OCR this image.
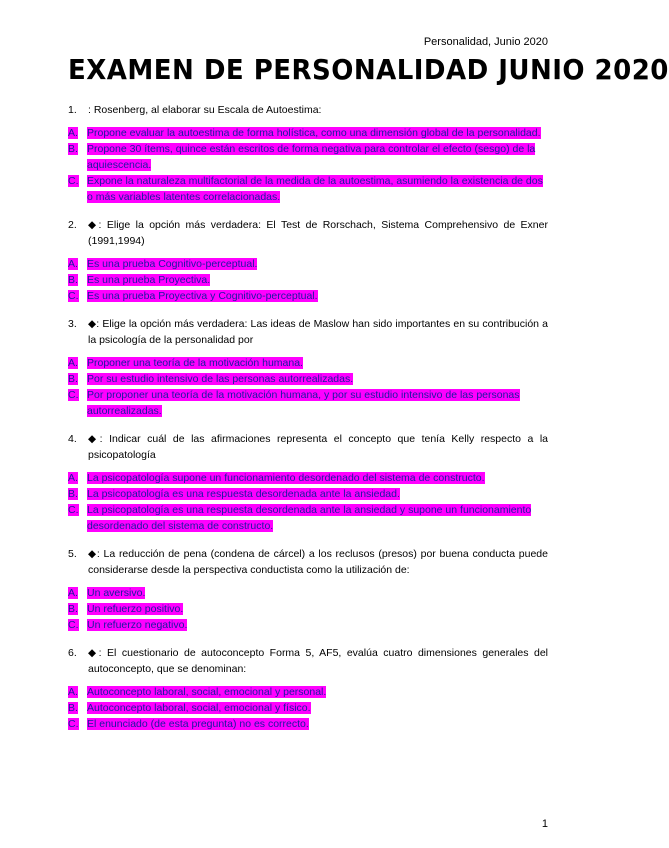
Personalidad, Junio 2020
EXAMEN DE PERSONALIDAD JUNIO 2020
1.	: Rosenberg, al elaborar su Escala de Autoestima:
A. Propone evaluar la autoestima de forma holística, como una dimensión global de la personalidad.
B. Propone 30 ítems, quince están escritos de forma negativa para controlar el efecto (sesgo) de la aquiescencia.
C. Expone la naturaleza multifactorial de la medida de la autoestima, asumiendo la existencia de dos o más variables latentes correlacionadas.
2.	◆: Elige la opción más verdadera: El Test de Rorschach, Sistema Comprehensivo de Exner (1991,1994)
A. Es una prueba Cognitivo-perceptual.
B. Es una prueba Proyectiva.
C. Es una prueba Proyectiva y Cognitivo-perceptual.
3.	◆: Elige la opción más verdadera: Las ideas de Maslow han sido importantes en su contribución a la psicología de la personalidad por
A. Proponer una teoría de la motivación humana.
B. Por su estudio intensivo de las personas autorrealizadas.
C. Por proponer una teoría de la motivación humana, y por su estudio intensivo de las personas autorrealizadas.
4.	◆: Indicar cuál de las afirmaciones representa el concepto que tenía Kelly respecto a la psicopatología
A. La psicopatología supone un funcionamiento desordenado del sistema de constructo.
B. La psicopatología es una respuesta desordenada ante la ansiedad.
C. La psicopatología es una respuesta desordenada ante la ansiedad y supone un funcionamiento desordenado del sistema de constructo.
5.	◆: La reducción de pena (condena de cárcel) a los reclusos (presos) por buena conducta puede considerarse desde la perspectiva conductista como la utilización de:
A. Un aversivo.
B. Un refuerzo positivo.
C. Un refuerzo negativo.
6.	◆: El cuestionario de autoconcepto Forma 5, AF5, evalúa cuatro dimensiones generales del autoconcepto, que se denominan:
A. Autoconcepto laboral, social, emocional y personal.
B. Autoconcepto laboral, social, emocional y físico.
C. El enunciado (de esta pregunta) no es correcto.
1
